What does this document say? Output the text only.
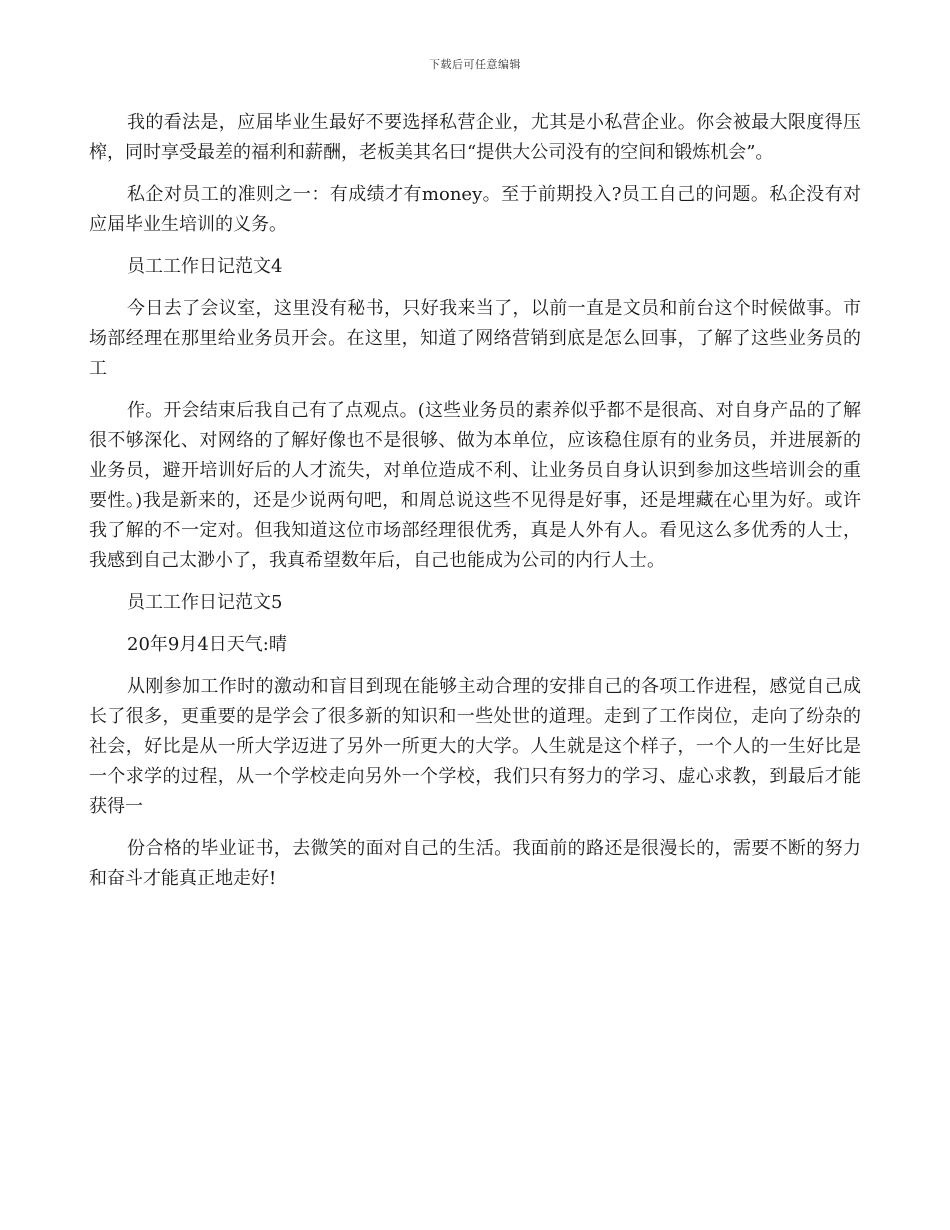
下载后可任意编辑

我的看法是，应届毕业生最好不要选择私营企业，尤其是小私营企业。你会被最大限度得压榨，同时享受最差的福利和薪酬，老板美其名曰“提供大公司没有的空间和锻炼机会”。

私企对员工的准则之一：有成绩才有money。至于前期投入?员工自己的问题。私企没有对应届毕业生培训的义务。

员工工作日记范文4

今日去了会议室，这里没有秘书，只好我来当了，以前一直是文员和前台这个时候做事。市场部经理在那里给业务员开会。在这里，知道了网络营销到底是怎么回事，了解了这些业务员的工

作。开会结束后我自己有了点观点。(这些业务员的素养似乎都不是很高、对自身产品的了解很不够深化、对网络的了解好像也不是很够、做为本单位，应该稳住原有的业务员，并进展新的业务员，避开培训好后的人才流失，对单位造成不利、让业务员自身认识到参加这些培训会的重要性。)我是新来的，还是少说两句吧，和周总说这些不见得是好事，还是埋藏在心里为好。或许我了解的不一定对。但我知道这位市场部经理很优秀，真是人外有人。看见这么多优秀的人士，我感到自己太渺小了，我真希望数年后，自己也能成为公司的内行人士。

员工工作日记范文5

20年9月4日天气:晴

从刚参加工作时的激动和盲目到现在能够主动合理的安排自己的各项工作进程，感觉自己成长了很多，更重要的是学会了很多新的知识和一些处世的道理。走到了工作岗位，走向了纷杂的社会，好比是从一所大学迈进了另外一所更大的大学。人生就是这个样子，一个人的一生好比是一个求学的过程，从一个学校走向另外一个学校，我们只有努力的学习、虚心求教，到最后才能获得一

份合格的毕业证书，去微笑的面对自己的生活。我面前的路还是很漫长的，需要不断的努力和奋斗才能真正地走好!
